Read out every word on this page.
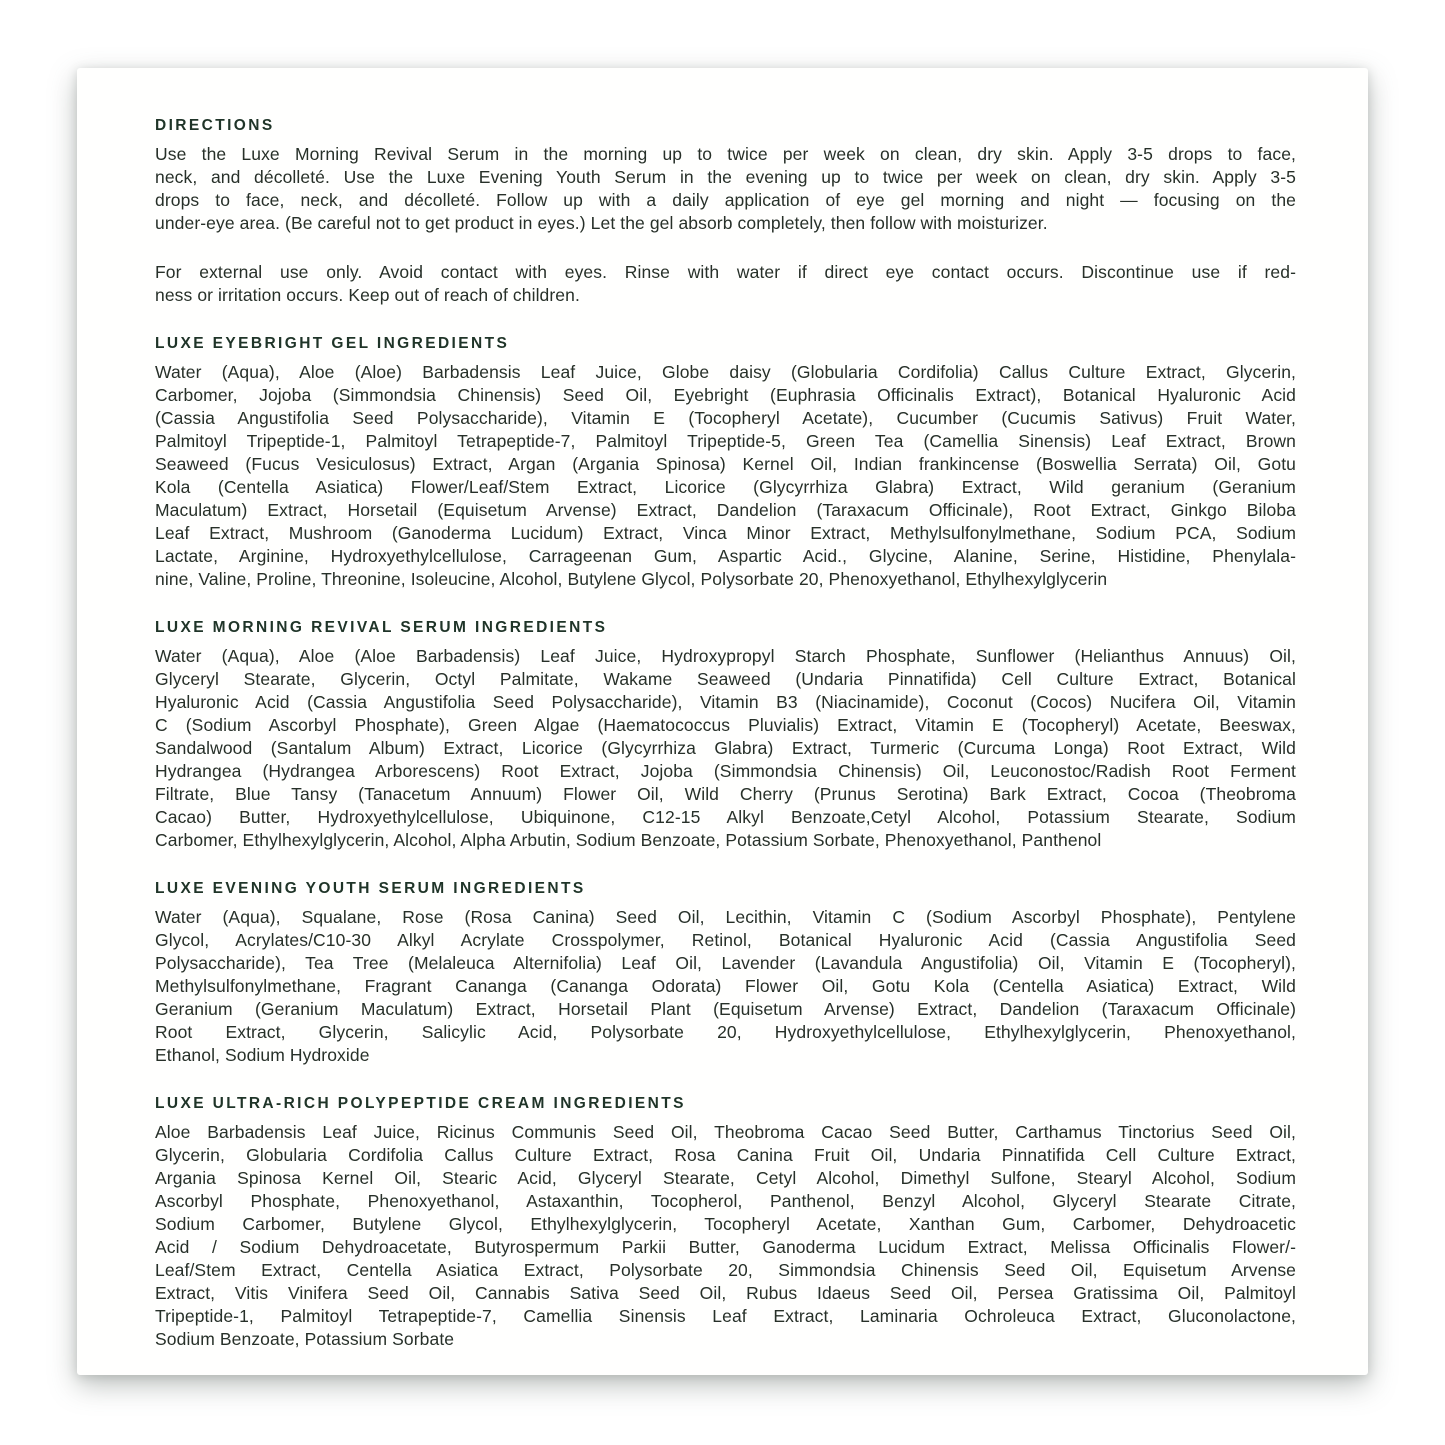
DIRECTIONS
Use the Luxe Morning Revival Serum in the morning up to twice per week on clean, dry skin. Apply 3-5 drops to face,
neck, and décolleté. Use the Luxe Evening Youth Serum in the evening up to twice per week on clean, dry skin. Apply 3-5
drops to face, neck, and décolleté. Follow up with a daily application of eye gel morning and night — focusing on the
under-eye area. (Be careful not to get product in eyes.) Let the gel absorb completely, then follow with moisturizer.
For external use only. Avoid contact with eyes. Rinse with water if direct eye contact occurs. Discontinue use if red-
ness or irritation occurs. Keep out of reach of children.
LUXE EYEBRIGHT GEL INGREDIENTS
Water (Aqua), Aloe (Aloe) Barbadensis Leaf Juice, Globe daisy (Globularia Cordifolia) Callus Culture Extract, Glycerin,
Carbomer, Jojoba (Simmondsia Chinensis) Seed Oil, Eyebright (Euphrasia Officinalis Extract), Botanical Hyaluronic Acid
(Cassia Angustifolia Seed Polysaccharide), Vitamin E (Tocopheryl Acetate), Cucumber (Cucumis Sativus) Fruit Water,
Palmitoyl Tripeptide-1, Palmitoyl Tetrapeptide-7, Palmitoyl Tripeptide-5, Green Tea (Camellia Sinensis) Leaf Extract, Brown
Seaweed (Fucus Vesiculosus) Extract, Argan (Argania Spinosa) Kernel Oil, Indian frankincense (Boswellia Serrata) Oil, Gotu
Kola (Centella Asiatica) Flower/Leaf/Stem Extract, Licorice (Glycyrrhiza Glabra) Extract, Wild geranium (Geranium
Maculatum) Extract, Horsetail (Equisetum Arvense) Extract, Dandelion (Taraxacum Officinale), Root Extract, Ginkgo Biloba
Leaf Extract, Mushroom (Ganoderma Lucidum) Extract, Vinca Minor Extract, Methylsulfonylmethane, Sodium PCA, Sodium
Lactate, Arginine, Hydroxyethylcellulose, Carrageenan Gum, Aspartic Acid., Glycine, Alanine, Serine, Histidine, Phenylala-
nine, Valine, Proline, Threonine, Isoleucine, Alcohol, Butylene Glycol, Polysorbate 20, Phenoxyethanol, Ethylhexylglycerin
LUXE MORNING REVIVAL SERUM INGREDIENTS
Water (Aqua), Aloe (Aloe Barbadensis) Leaf Juice, Hydroxypropyl Starch Phosphate, Sunflower (Helianthus Annuus) Oil,
Glyceryl Stearate, Glycerin, Octyl Palmitate, Wakame Seaweed (Undaria Pinnatifida) Cell Culture Extract, Botanical
Hyaluronic Acid (Cassia Angustifolia Seed Polysaccharide), Vitamin B3 (Niacinamide), Coconut (Cocos) Nucifera Oil, Vitamin
C (Sodium Ascorbyl Phosphate), Green Algae (Haematococcus Pluvialis) Extract, Vitamin E (Tocopheryl) Acetate, Beeswax,
Sandalwood (Santalum Album) Extract, Licorice (Glycyrrhiza Glabra) Extract, Turmeric (Curcuma Longa) Root Extract, Wild
Hydrangea (Hydrangea Arborescens) Root Extract, Jojoba (Simmondsia Chinensis) Oil, Leuconostoc/Radish Root Ferment
Filtrate, Blue Tansy (Tanacetum Annuum) Flower Oil, Wild Cherry (Prunus Serotina) Bark Extract, Cocoa (Theobroma
Cacao) Butter, Hydroxyethylcellulose, Ubiquinone, C12-15 Alkyl Benzoate,Cetyl Alcohol, Potassium Stearate, Sodium
Carbomer, Ethylhexylglycerin, Alcohol, Alpha Arbutin, Sodium Benzoate, Potassium Sorbate, Phenoxyethanol, Panthenol
LUXE EVENING YOUTH SERUM INGREDIENTS
Water (Aqua), Squalane, Rose (Rosa Canina) Seed Oil, Lecithin, Vitamin C (Sodium Ascorbyl Phosphate), Pentylene
Glycol, Acrylates/C10-30 Alkyl Acrylate Crosspolymer, Retinol, Botanical Hyaluronic Acid (Cassia Angustifolia Seed
Polysaccharide), Tea Tree (Melaleuca Alternifolia) Leaf Oil, Lavender (Lavandula Angustifolia) Oil, Vitamin E (Tocopheryl),
Methylsulfonylmethane, Fragrant Cananga (Cananga Odorata) Flower Oil, Gotu Kola (Centella Asiatica) Extract, Wild
Geranium (Geranium Maculatum) Extract, Horsetail Plant (Equisetum Arvense) Extract, Dandelion (Taraxacum Officinale)
Root Extract, Glycerin, Salicylic Acid, Polysorbate 20, Hydroxyethylcellulose, Ethylhexylglycerin, Phenoxyethanol,
Ethanol, Sodium Hydroxide
LUXE ULTRA-RICH POLYPEPTIDE CREAM INGREDIENTS
Aloe Barbadensis Leaf Juice, Ricinus Communis Seed Oil, Theobroma Cacao Seed Butter, Carthamus Tinctorius Seed Oil,
Glycerin, Globularia Cordifolia Callus Culture Extract, Rosa Canina Fruit Oil, Undaria Pinnatifida Cell Culture Extract,
Argania Spinosa Kernel Oil, Stearic Acid, Glyceryl Stearate, Cetyl Alcohol, Dimethyl Sulfone, Stearyl Alcohol, Sodium
Ascorbyl Phosphate, Phenoxyethanol, Astaxanthin, Tocopherol, Panthenol, Benzyl Alcohol, Glyceryl Stearate Citrate,
Sodium Carbomer, Butylene Glycol, Ethylhexylglycerin, Tocopheryl Acetate, Xanthan Gum, Carbomer, Dehydroacetic
Acid / Sodium Dehydroacetate, Butyrospermum Parkii Butter, Ganoderma Lucidum Extract, Melissa Officinalis Flower/-
Leaf/Stem Extract, Centella Asiatica Extract, Polysorbate 20, Simmondsia Chinensis Seed Oil, Equisetum Arvense
Extract, Vitis Vinifera Seed Oil, Cannabis Sativa Seed Oil, Rubus Idaeus Seed Oil, Persea Gratissima Oil, Palmitoyl
Tripeptide-1, Palmitoyl Tetrapeptide-7, Camellia Sinensis Leaf Extract, Laminaria Ochroleuca Extract, Gluconolactone,
Sodium Benzoate, Potassium Sorbate
